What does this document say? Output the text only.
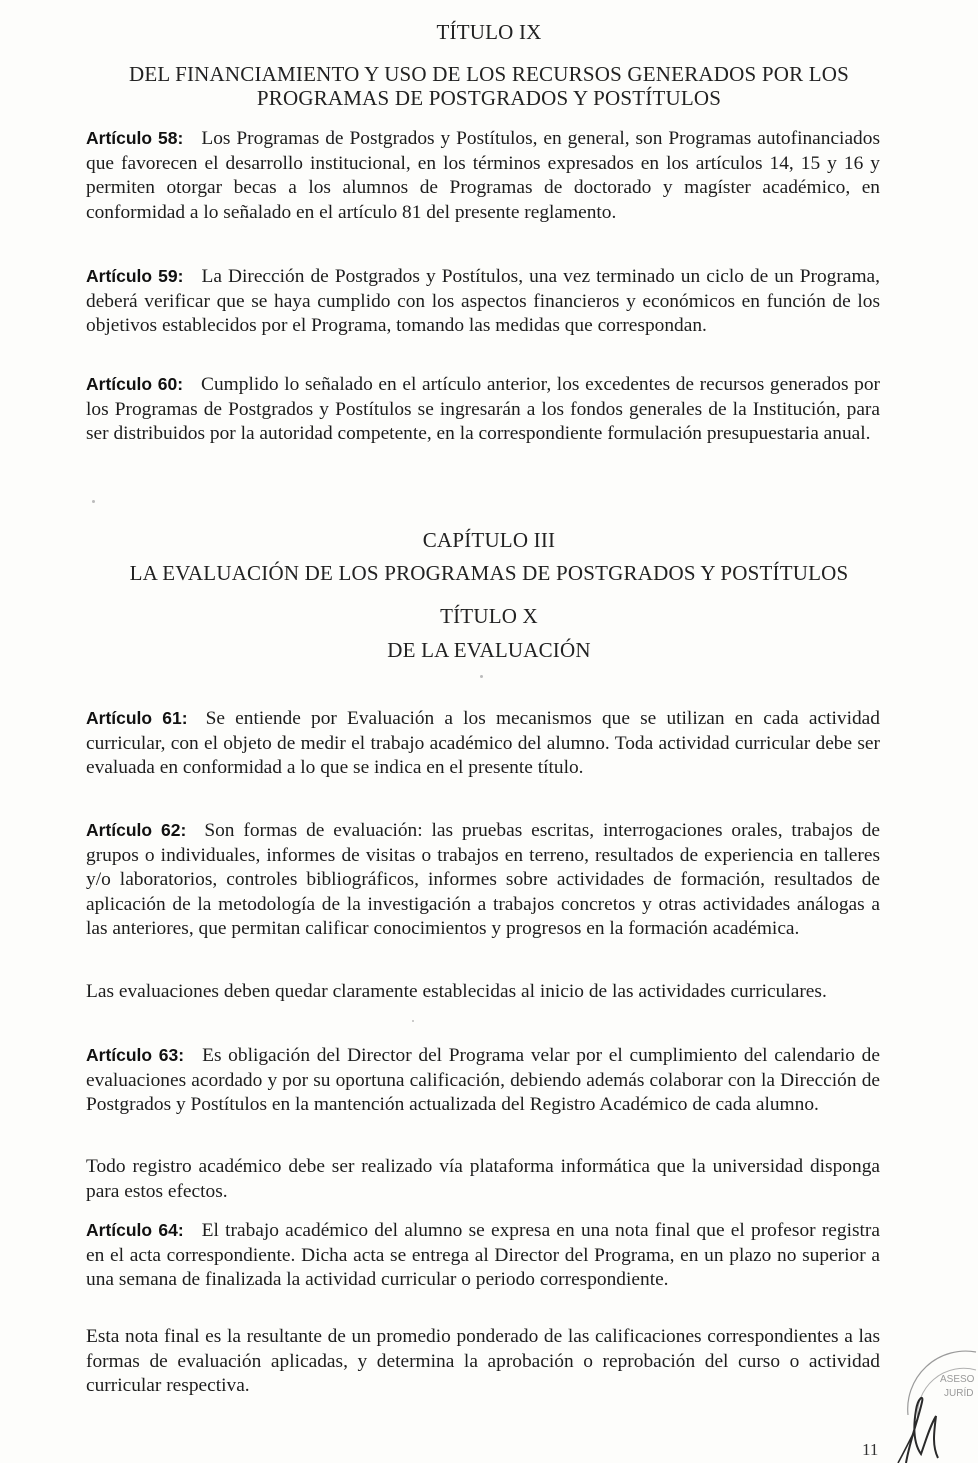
TÍTULO IX
DEL FINANCIAMIENTO Y USO DE LOS RECURSOS GENERADOS POR LOS PROGRAMAS DE POSTGRADOS Y POSTÍTULOS
Artículo 58: Los Programas de Postgrados y Postítulos, en general, son Programas autofinanciados que favorecen el desarrollo institucional, en los términos expresados en los artículos 14, 15 y 16 y permiten otorgar becas a los alumnos de Programas de doctorado y magíster académico, en conformidad a lo señalado en el artículo 81 del presente reglamento.
Artículo 59: La Dirección de Postgrados y Postítulos, una vez terminado un ciclo de un Programa, deberá verificar que se haya cumplido con los aspectos financieros y económicos en función de los objetivos establecidos por el Programa, tomando las medidas que correspondan.
Artículo 60: Cumplido lo señalado en el artículo anterior, los excedentes de recursos generados por los Programas de Postgrados y Postítulos se ingresarán a los fondos generales de la Institución, para ser distribuidos por la autoridad competente, en la correspondiente formulación presupuestaria anual.
CAPÍTULO III
LA EVALUACIÓN DE LOS PROGRAMAS DE POSTGRADOS Y POSTÍTULOS
TÍTULO X
DE LA EVALUACIÓN
Artículo 61: Se entiende por Evaluación a los mecanismos que se utilizan en cada actividad curricular, con el objeto de medir el trabajo académico del alumno. Toda actividad curricular debe ser evaluada en conformidad a lo que se indica en el presente título.
Artículo 62: Son formas de evaluación: las pruebas escritas, interrogaciones orales, trabajos de grupos o individuales, informes de visitas o trabajos en terreno, resultados de experiencia en talleres y/o laboratorios, controles bibliográficos, informes sobre actividades de formación, resultados de aplicación de la metodología de la investigación a trabajos concretos y otras actividades análogas a las anteriores, que permitan calificar conocimientos y progresos en la formación académica.
Las evaluaciones deben quedar claramente establecidas al inicio de las actividades curriculares.
Artículo 63: Es obligación del Director del Programa velar por el cumplimiento del calendario de evaluaciones acordado y por su oportuna calificación, debiendo además colaborar con la Dirección de Postgrados y Postítulos en la mantención actualizada del Registro Académico de cada alumno.
Todo registro académico debe ser realizado vía plataforma informática que la universidad disponga para estos efectos.
Artículo 64: El trabajo académico del alumno se expresa en una nota final que el profesor registra en el acta correspondiente. Dicha acta se entrega al Director del Programa, en un plazo no superior a una semana de finalizada la actividad curricular o periodo correspondiente.
Esta nota final es la resultante de un promedio ponderado de las calificaciones correspondientes a las formas de evaluación aplicadas, y determina la aprobación o reprobación del curso o actividad curricular respectiva.
11
ASESO
JURÍD
